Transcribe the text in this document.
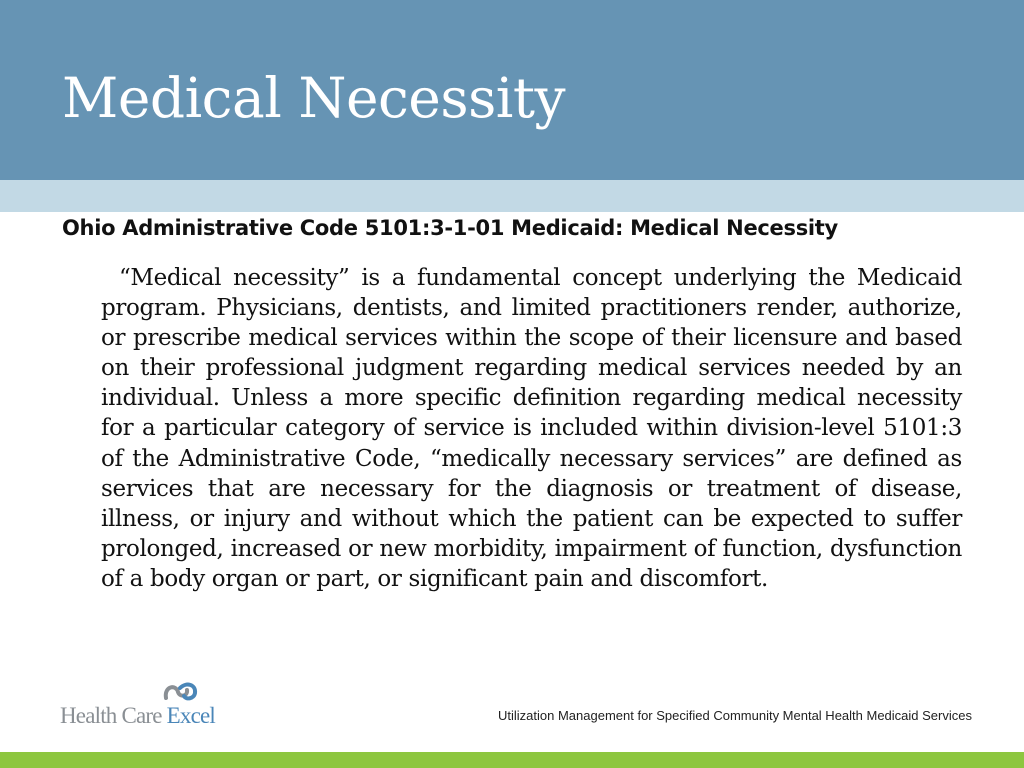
Medical Necessity
Ohio Administrative Code 5101:3-1-01 Medicaid: Medical Necessity

“Medical necessity” is a fundamental concept underlying the Medicaid program. Physicians, dentists, and limited practitioners render, authorize, or prescribe medical services within the scope of their licensure and based on their professional judgment regarding medical services needed by an individual. Unless a more specific definition regarding medical necessity for a particular category of service is included within division-level 5101:3 of the Administrative Code, “medically necessary services” are defined as services that are necessary for the diagnosis or treatment of disease, illness, or injury and without which the patient can be expected to suffer prolonged, increased or new morbidity, impairment of function, dysfunction of a body organ or part, or significant pain and discomfort.

Health Care Excel	Utilization Management for Specified Community Mental Health Medicaid Services
